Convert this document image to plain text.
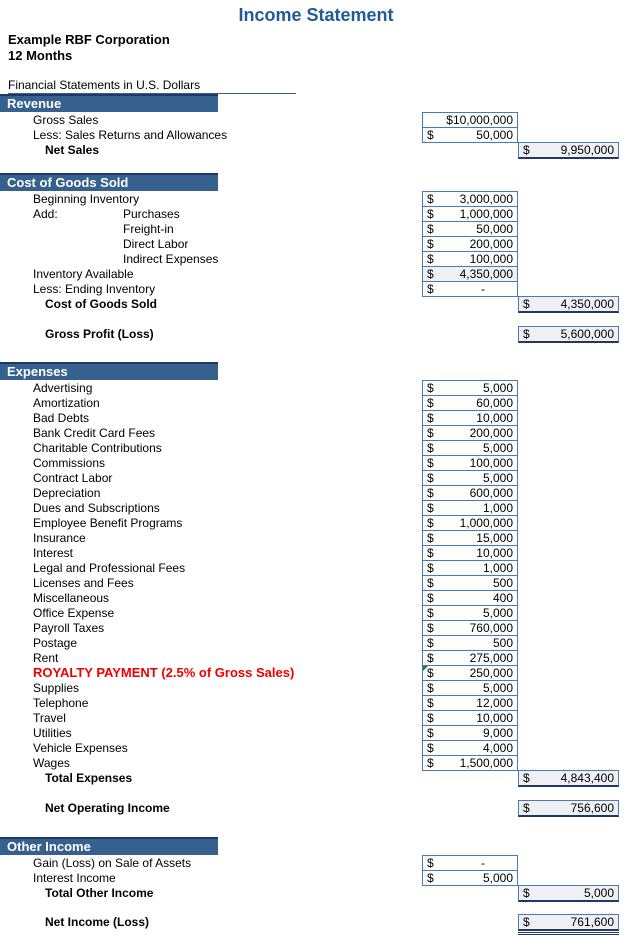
Income Statement
Example RBF Corporation
12 Months
Financial Statements in U.S. Dollars
Revenue
Gross Sales	$10,000,000
Less: Sales Returns and Allowances	$	50,000
Net Sales	$	9,950,000
Cost of Goods Sold
Beginning Inventory	$ 3,000,000
Add:	Purchases	$ 1,000,000
Freight-in	$	50,000
Direct Labor	$	200,000
Indirect Expenses	$	100,000
Inventory Available	$ 4,350,000
Less: Ending Inventory	$	-
Cost of Goods Sold	$	4,350,000
Gross Profit (Loss)	$	5,600,000
Expenses
Advertising	$	5,000
Amortization	$	60,000
Bad Debts	$	10,000
Bank Credit Card Fees	$	200,000
Charitable Contributions	$	5,000
Commissions	$	100,000
Contract Labor	$	5,000
Depreciation	$	600,000
Dues and Subscriptions	$	1,000
Employee Benefit Programs	$ 1,000,000
Insurance	$	15,000
Interest	$	10,000
Legal and Professional Fees	$	1,000
Licenses and Fees	$	500
Miscellaneous	$	400
Office Expense	$	5,000
Payroll Taxes	$	760,000
Postage	$	500
Rent	$	275,000
ROYALTY PAYMENT (2.5% of Gross Sales)	$	250,000
Supplies	$	5,000
Telephone	$	12,000
Travel	$	10,000
Utilities	$	9,000
Vehicle Expenses	$	4,000
Wages	$ 1,500,000
Total Expenses	$	4,843,400
Net Operating Income	$	756,600
Other Income
Gain (Loss) on Sale of Assets	$	-
Interest Income	$	5,000
Total Other Income	$	5,000
Net Income (Loss)	$	761,600
